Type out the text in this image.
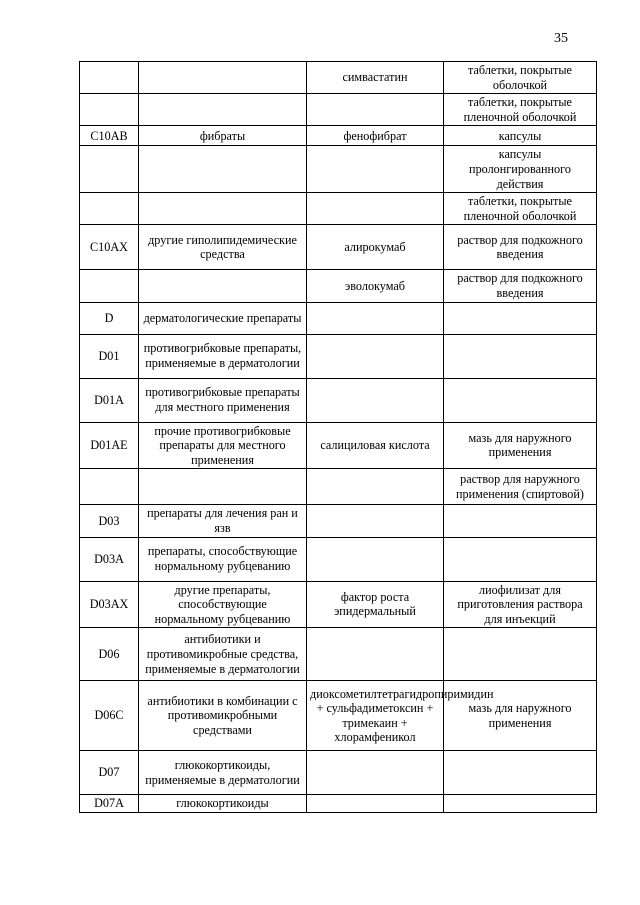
35
		симвастатин	таблетки, покрытые оболочкой
			таблетки, покрытые пленочной оболочкой
C10AB	фибраты	фенофибрат	капсулы
			капсулы пролонгированного действия
			таблетки, покрытые пленочной оболочкой
C10AX	другие гиполипидемические средства	алирокумаб	раствор для подкожного введения
		эволокумаб	раствор для подкожного введения
D	дерматологические препараты		
D01	противогрибковые препараты, применяемые в дерматологии		
D01A	противогрибковые препараты для местного применения		
D01AE	прочие противогрибковые препараты для местного применения	салициловая кислота	мазь для наружного применения
			раствор для наружного применения (спиртовой)
D03	препараты для лечения ран и язв		
D03A	препараты, способствующие нормальному рубцеванию		
D03AX	другие препараты, способствующие нормальному рубцеванию	фактор роста эпидермальный	лиофилизат для приготовления раствора для инъекций
D06	антибиотики и противомикробные средства, применяемые в дерматологии		
D06C	антибиотики в комбинации с противомикробными средствами	диоксометилтетрагидропиримидин + сульфадиметоксин + тримекаин + хлорамфеникол	мазь для наружного применения
D07	глюкокортикоиды, применяемые в дерматологии		
D07A	глюкокортикоиды		
